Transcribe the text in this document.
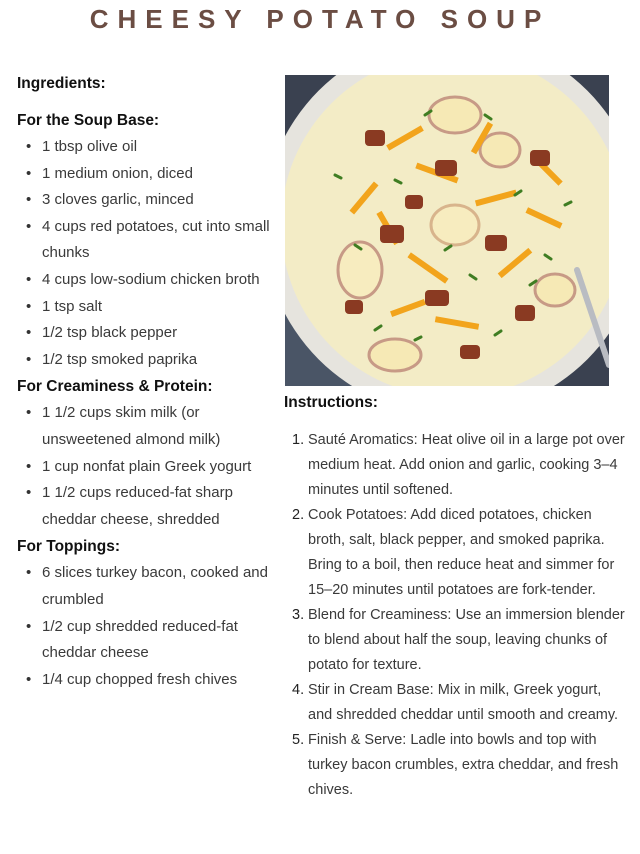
CHEESY POTATO SOUP
Ingredients:
For the Soup Base:
• 1 tbsp olive oil
• 1 medium onion, diced
• 3 cloves garlic, minced
• 4 cups red potatoes, cut into small chunks
• 4 cups low-sodium chicken broth
• 1 tsp salt
• 1/2 tsp black pepper
• 1/2 tsp smoked paprika
For Creaminess & Protein:
• 1 1/2 cups skim milk (or unsweetened almond milk)
• 1 cup nonfat plain Greek yogurt
• 1 1/2 cups reduced-fat sharp cheddar cheese, shredded
For Toppings:
• 6 slices turkey bacon, cooked and crumbled
• 1/2 cup shredded reduced-fat cheddar cheese
• 1/4 cup chopped fresh chives
Instructions:
1. Sauté Aromatics: Heat olive oil in a large pot over medium heat. Add onion and garlic, cooking 3–4 minutes until softened.
2. Cook Potatoes: Add diced potatoes, chicken broth, salt, black pepper, and smoked paprika. Bring to a boil, then reduce heat and simmer for 15–20 minutes until potatoes are fork-tender.
3. Blend for Creaminess: Use an immersion blender to blend about half the soup, leaving chunks of potato for texture.
4. Stir in Cream Base: Mix in milk, Greek yogurt, and shredded cheddar until smooth and creamy.
5. Finish & Serve: Ladle into bowls and top with turkey bacon crumbles, extra cheddar, and fresh chives.
